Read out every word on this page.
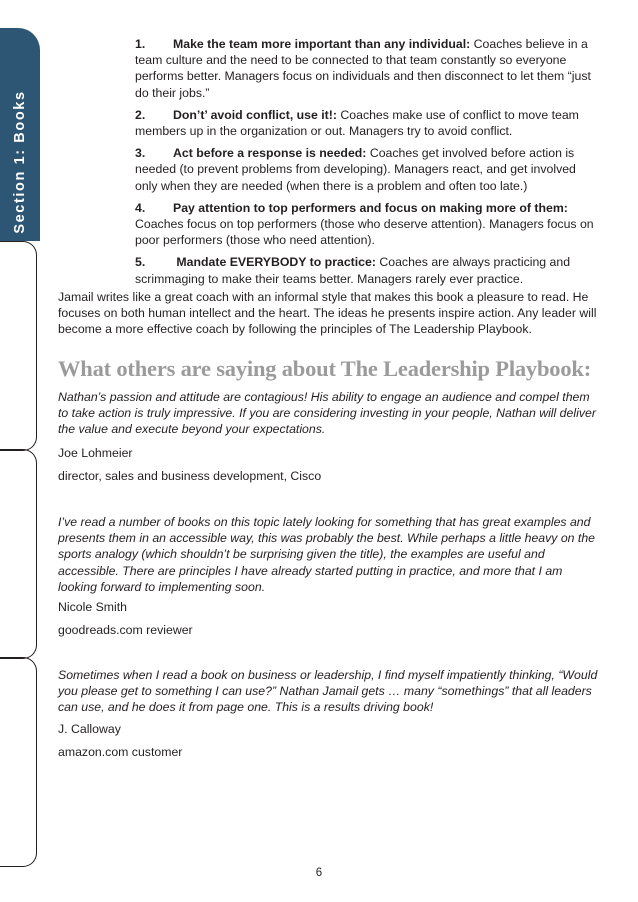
Section 1: Books
1. Make the team more important than any individual: Coaches believe in a team culture and the need to be connected to that team constantly so everyone performs better. Managers focus on individuals and then disconnect to let them “just do their jobs.”
2. Don’t’ avoid conflict, use it!: Coaches make use of conflict to move team members up in the organization or out. Managers try to avoid conflict.
3. Act before a response is needed: Coaches get involved before action is needed (to prevent problems from developing). Managers react, and get involved only when they are needed (when there is a problem and often too late.)
4. Pay attention to top performers and focus on making more of them: Coaches focus on top performers (those who deserve attention). Managers focus on poor performers (those who need attention).
5. Mandate EVERYBODY to practice: Coaches are always practicing and scrimmaging to make their teams better. Managers rarely ever practice.
Jamail writes like a great coach with an informal style that makes this book a pleasure to read. He focuses on both human intellect and the heart. The ideas he presents inspire action. Any leader will become a more effective coach by following the principles of The Leadership Playbook.
What others are saying about The Leadership Playbook:
Nathan’s passion and attitude are contagious! His ability to engage an audience and compel them to take action is truly impressive. If you are considering investing in your people, Nathan will deliver the value and execute beyond your expectations.
Joe Lohmeier
director, sales and business development, Cisco
I’ve read a number of books on this topic lately looking for something that has great examples and presents them in an accessible way, this was probably the best. While perhaps a little heavy on the sports analogy (which shouldn’t be surprising given the title), the examples are useful and accessible. There are principles I have already started putting in practice, and more that I am looking forward to implementing soon.
Nicole Smith
goodreads.com reviewer
Sometimes when I read a book on business or leadership, I find myself impatiently thinking, “Would you please get to something I can use?” Nathan Jamail gets … many “somethings” that all leaders can use, and he does it from page one. This is a results driving book!
J. Calloway
amazon.com customer
6
